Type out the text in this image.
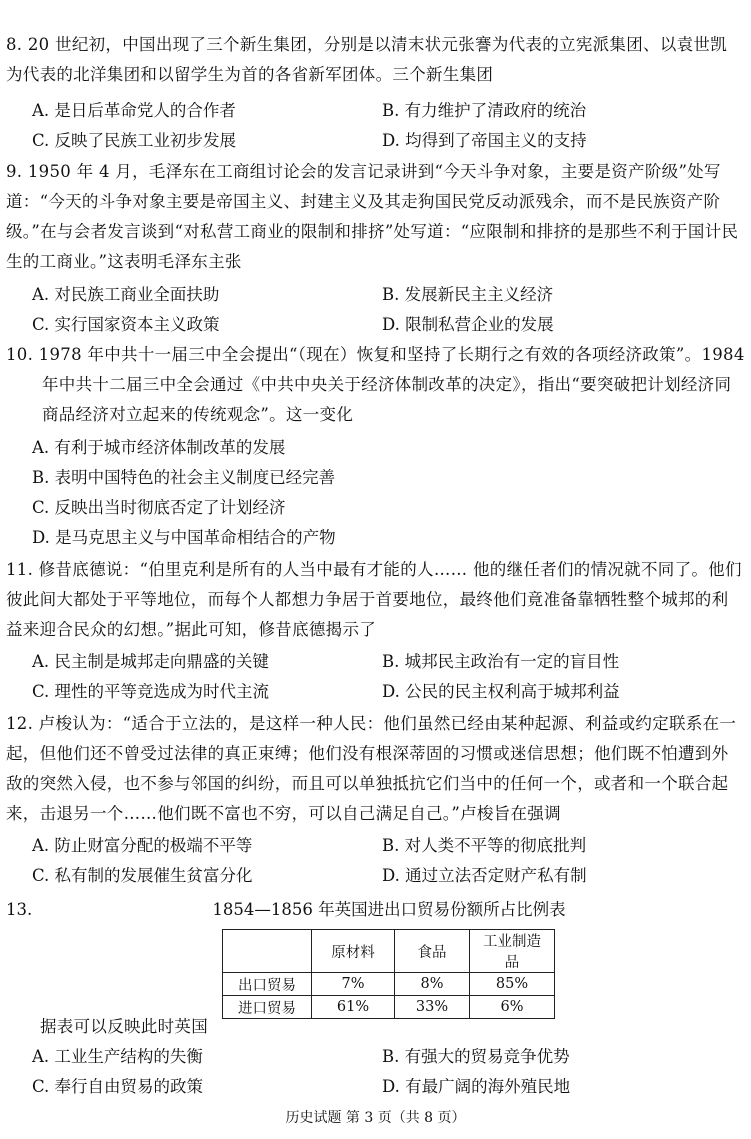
8. 20 世纪初，中国出现了三个新生集团，分别是以清末状元张謇为代表的立宪派集团、以袁世凯为代表的北洋集团和以留学生为首的各省新军团体。三个新生集团
A. 是日后革命党人的合作者	B. 有力维护了清政府的统治
C. 反映了民族工业初步发展	D. 均得到了帝国主义的支持
9. 1950 年 4 月，毛泽东在工商组讨论会的发言记录讲到“今天斗争对象，主要是资产阶级”处写道：“今天的斗争对象主要是帝国主义、封建主义及其走狗国民党反动派残余，而不是民族资产阶级。”在与会者发言谈到“对私营工商业的限制和排挤”处写道：“应限制和排挤的是那些不利于国计民生的工商业。”这表明毛泽东主张
A. 对民族工商业全面扶助	B. 发展新民主主义经济
C. 实行国家资本主义政策	D. 限制私营企业的发展
10. 1978 年中共十一届三中全会提出“（现在）恢复和坚持了长期行之有效的各项经济政策”。1984 年中共十二届三中全会通过《中共中央关于经济体制改革的决定》，指出“要突破把计划经济同商品经济对立起来的传统观念”。这一变化
A. 有利于城市经济体制改革的发展
B. 表明中国特色的社会主义制度已经完善
C. 反映出当时彻底否定了计划经济
D. 是马克思主义与中国革命相结合的产物
11. 修昔底德说：“伯里克利是所有的人当中最有才能的人…… 他的继任者们的情况就不同了。他们彼此间大都处于平等地位，而每个人都想力争居于首要地位，最终他们竟准备靠牺牲整个城邦的利益来迎合民众的幻想。”据此可知，修昔底德揭示了
A. 民主制是城邦走向鼎盛的关键	B. 城邦民主政治有一定的盲目性
C. 理性的平等竞选成为时代主流	D. 公民的民主权利高于城邦利益
12. 卢梭认为：“适合于立法的，是这样一种人民：他们虽然已经由某种起源、利益或约定联系在一起，但他们还不曾受过法律的真正束缚；他们没有根深蒂固的习惯或迷信思想；他们既不怕遭到外敌的突然入侵，也不参与邻国的纠纷，而且可以单独抵抗它们当中的任何一个，或者和一个联合起来，击退另一个……他们既不富也不穷，可以自己满足自己。”卢梭旨在强调
A. 防止财富分配的极端不平等	B. 对人类不平等的彻底批判
C. 私有制的发展催生贫富分化	D. 通过立法否定财产私有制
13.	1854—1856 年英国进出口贸易份额所占比例表
	原材料	食品	工业制造品
出口贸易	7%	8%	85%
进口贸易	61%	33%	6%
据表可以反映此时英国
A. 工业生产结构的失衡	B. 有强大的贸易竞争优势
C. 奉行自由贸易的政策	D. 有最广阔的海外殖民地
历史试题 第 3 页（共 8 页）
